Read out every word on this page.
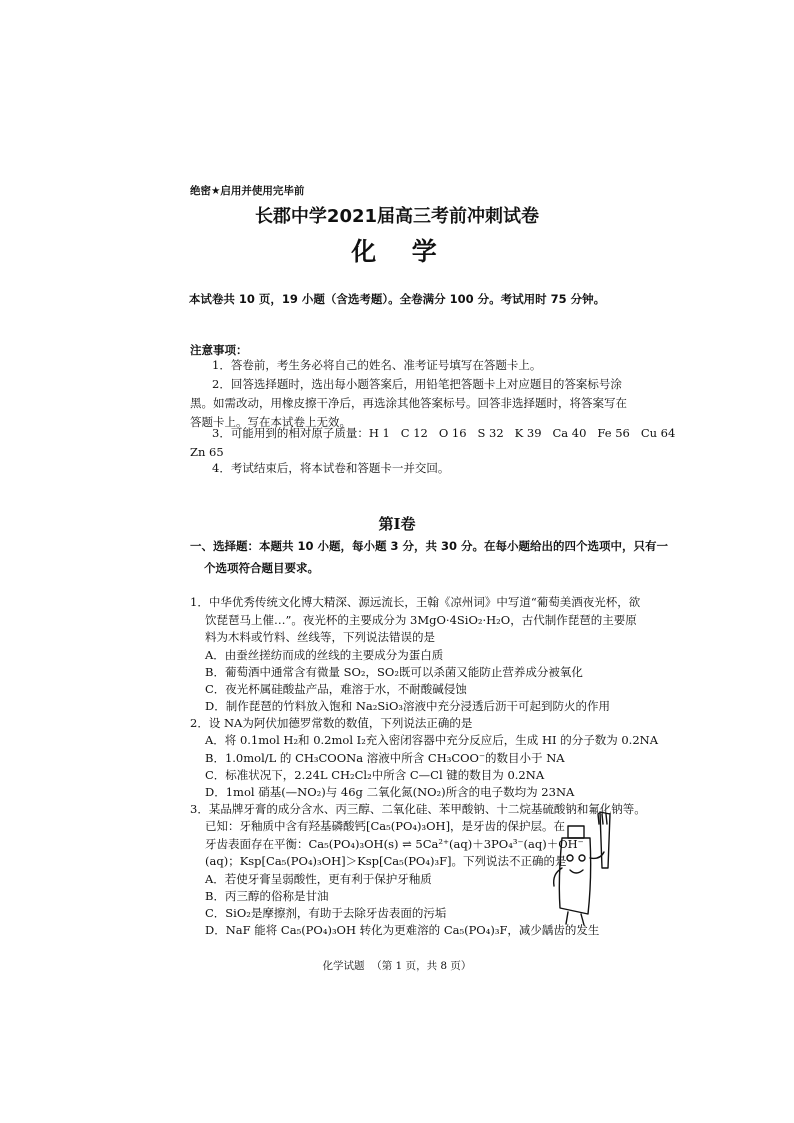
绝密★启用并使用完毕前
长郡中学2021届高三考前冲刺试卷
化  学
本试卷共 10 页，19 小题（含选考题）。全卷满分 100 分。考试用时 75 分钟。
注意事项：
1．答卷前，考生务必将自己的姓名、准考证号填写在答题卡上。
2．回答选择题时，选出每小题答案后，用铅笔把答题卡上对应题目的答案标号涂
黑。如需改动，用橡皮擦干净后，再选涂其他答案标号。回答非选择题时，将答案写在
答题卡上。写在本试卷上无效。
3．可能用到的相对原子质量：H 1   C 12   O 16   S 32   K 39   Ca 40   Fe 56   Cu 64
Zn 65
4．考试结束后，将本试卷和答题卡一并交回。
第Ⅰ卷
一、选择题：本题共 10 小题，每小题 3 分，共 30 分。在每小题给出的四个选项中，只有一
个选项符合题目要求。
1．中华优秀传统文化博大精深、源远流长，王翰《凉州词》中写道“葡萄美酒夜光杯，欲
饮琵琶马上催…”。夜光杯的主要成分为 3MgO·4SiO₂·H₂O，古代制作琵琶的主要原
料为木料或竹料、丝线等，下列说法错误的是
A．由蚕丝搓纺而成的丝线的主要成分为蛋白质
B．葡萄酒中通常含有微量 SO₂，SO₂既可以杀菌又能防止营养成分被氧化
C．夜光杯属硅酸盐产品，难溶于水，不耐酸碱侵蚀
D．制作琵琶的竹料放入饱和 Na₂SiO₃溶液中充分浸透后沥干可起到防火的作用
2．设 NA为阿伏加德罗常数的数值，下列说法正确的是
A．将 0.1mol H₂和 0.2mol I₂充入密闭容器中充分反应后，生成 HI 的分子数为 0.2NA
B．1.0mol/L 的 CH₃COONa 溶液中所含 CH₃COO⁻的数目小于 NA
C．标准状况下，2.24L CH₂Cl₂中所含 C—Cl 键的数目为 0.2NA
D．1mol 硝基(—NO₂)与 46g 二氧化氮(NO₂)所含的电子数均为 23NA
3．某品牌牙膏的成分含水、丙三醇、二氧化硅、苯甲酸钠、十二烷基硫酸钠和氟化钠等。
已知：牙釉质中含有羟基磷酸钙[Ca₅(PO₄)₃OH]，是牙齿的保护层。在
牙齿表面存在平衡：Ca₅(PO₄)₃OH(s) ⇌ 5Ca²⁺(aq)＋3PO₄³⁻(aq)＋OH⁻
(aq)；Ksp[Ca₅(PO₄)₃OH]＞Ksp[Ca₅(PO₄)₃F]。下列说法不正确的是
A．若使牙膏呈弱酸性，更有利于保护牙釉质
B．丙三醇的俗称是甘油
C．SiO₂是摩擦剂，有助于去除牙齿表面的污垢
D．NaF 能将 Ca₅(PO₄)₃OH 转化为更难溶的 Ca₅(PO₄)₃F，减少龋齿的发生
化学试题  （第 1 页，共 8 页）
